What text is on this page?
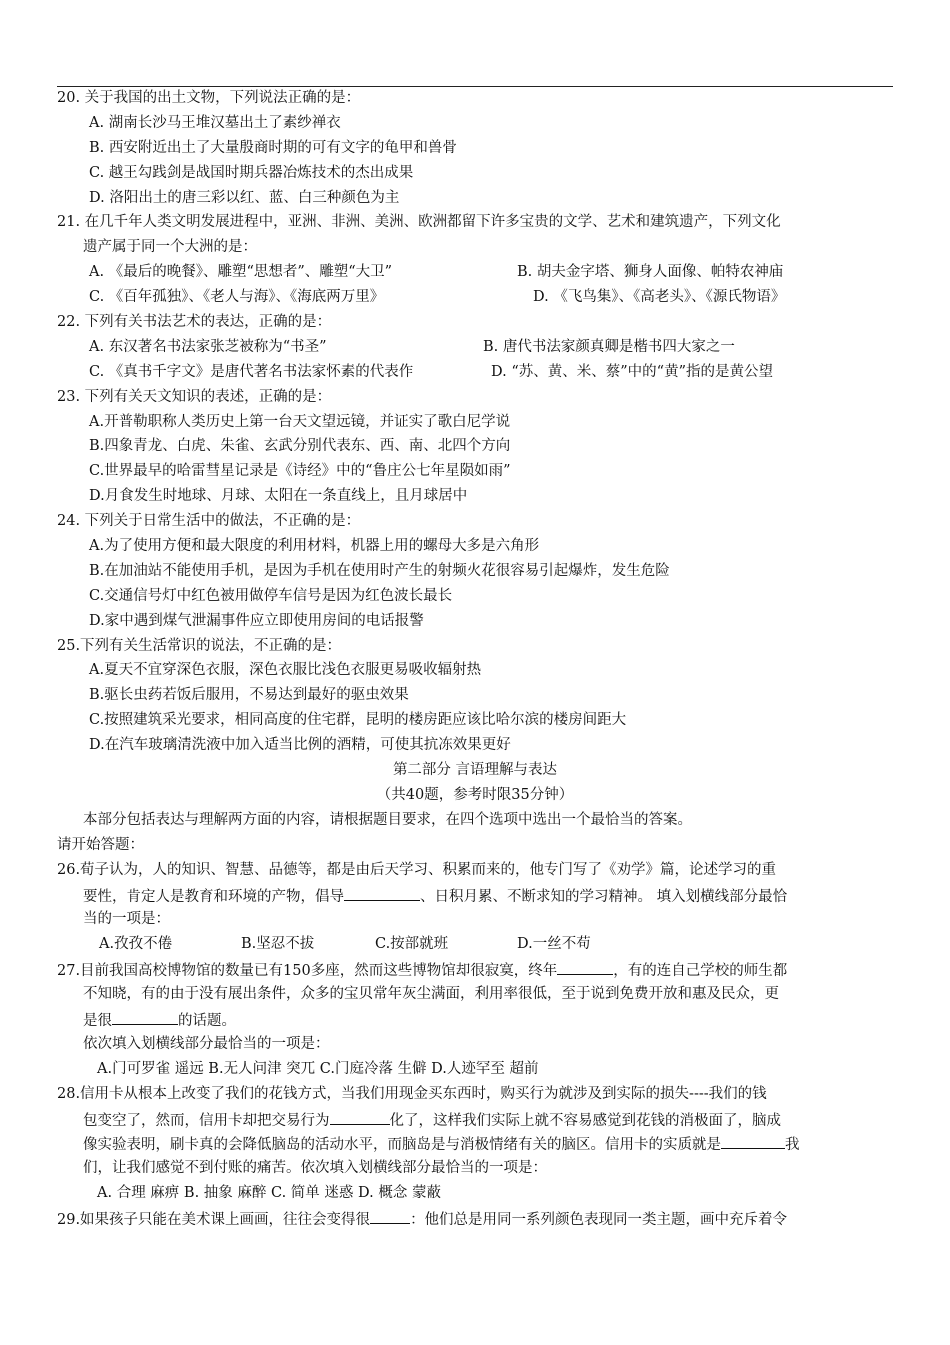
20. 关于我国的出土文物，下列说法正确的是：
A. 湖南长沙马王堆汉墓出土了素纱禅衣
B. 西安附近出土了大量殷商时期的可有文字的龟甲和兽骨
C. 越王勾践剑是战国时期兵器冶炼技术的杰出成果
D. 洛阳出土的唐三彩以红、蓝、白三种颜色为主
21. 在几千年人类文明发展进程中，亚洲、非洲、美洲、欧洲都留下许多宝贵的文学、艺术和建筑遗产，下列文化
遗产属于同一个大洲的是：
A. 《最后的晚餐》、雕塑“思想者”、雕塑“大卫”	B. 胡夫金字塔、狮身人面像、帕特农神庙
C. 《百年孤独》、《老人与海》、《海底两万里》	D. 《飞鸟集》、《高老头》、《源氏物语》
22. 下列有关书法艺术的表达，正确的是：
A. 东汉著名书法家张芝被称为“书圣”	B. 唐代书法家颜真卿是楷书四大家之一
C. 《真书千字文》是唐代著名书法家怀素的代表作	D. “苏、黄、米、蔡”中的“黄”指的是黄公望
23. 下列有关天文知识的表述，正确的是：
A.开普勒职称人类历史上第一台天文望远镜，并证实了歌白尼学说
B.四象青龙、白虎、朱雀、玄武分别代表东、西、南、北四个方向
C.世界最早的哈雷彗星记录是《诗经》中的“鲁庄公七年星陨如雨”
D.月食发生时地球、月球、太阳在一条直线上，且月球居中
24. 下列关于日常生活中的做法，不正确的是：
A.为了使用方便和最大限度的利用材料，机器上用的螺母大多是六角形
B.在加油站不能使用手机，是因为手机在使用时产生的射频火花很容易引起爆炸，发生危险
C.交通信号灯中红色被用做停车信号是因为红色波长最长
D.家中遇到煤气泄漏事件应立即使用房间的电话报警
25.下列有关生活常识的说法，不正确的是：
A.夏天不宜穿深色衣服，深色衣服比浅色衣服更易吸收辐射热
B.驱长虫药若饭后服用，不易达到最好的驱虫效果
C.按照建筑采光要求，相同高度的住宅群，昆明的楼房距应该比哈尔滨的楼房间距大
D.在汽车玻璃清洗液中加入适当比例的酒精，可使其抗冻效果更好
第二部分 言语理解与表达
（共40题，参考时限35分钟）
本部分包括表达与理解两方面的内容，请根据题目要求，在四个选项中选出一个最恰当的答案。
请开始答题：
26.荀子认为，人的知识、智慧、品德等，都是由后天学习、积累而来的，他专门写了《劝学》篇，论述学习的重
要性，肯定人是教育和环境的产物，倡导	、日积月累、不断求知的学习精神。 填入划横线部分最恰
当的一项是：
A.孜孜不倦	B.坚忍不拔	C.按部就班	D.一丝不苟
27.目前我国高校博物馆的数量已有150多座，然而这些博物馆却很寂寞，终年	，有的连自己学校的师生都
不知晓，有的由于没有展出条件，众多的宝贝常年灰尘满面，利用率很低，至于说到免费开放和惠及民众，更
是很	的话题。
依次填入划横线部分最恰当的一项是：
A.门可罗雀 遥远 B.无人问津 突兀 C.门庭冷落 生僻 D.人迹罕至 超前
28.信用卡从根本上改变了我们的花钱方式，当我们用现金买东西时，购买行为就涉及到实际的损失----我们的钱
包变空了，然而，信用卡却把交易行为	化了，这样我们实际上就不容易感觉到花钱的消极面了，脑成
像实验表明，刷卡真的会降低脑岛的活动水平，而脑岛是与消极情绪有关的脑区。信用卡的实质就是	我
们，让我们感觉不到付账的痛苦。依次填入划横线部分最恰当的一项是：
A. 合理 麻痹 B. 抽象 麻醉 C. 简单 迷惑 D. 概念 蒙蔽
29.如果孩子只能在美术课上画画，往往会变得很	：他们总是用同一系列颜色表现同一类主题，画中充斥着令
